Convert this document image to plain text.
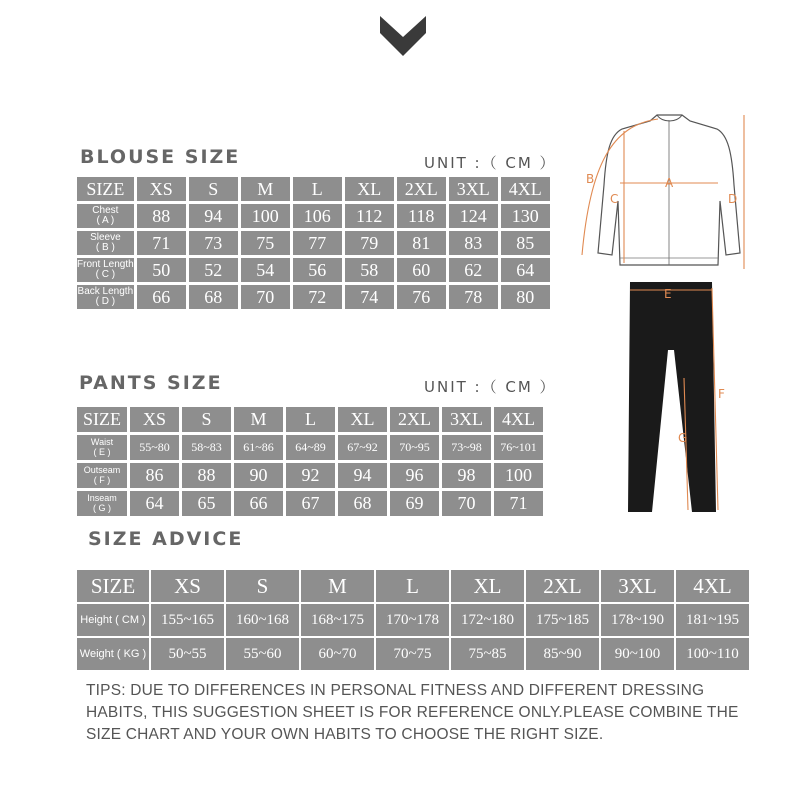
BLOUSE SIZE	UNIT :（ CM ）
SIZE	XS	S	M	L	XL	2XL	3XL	4XL

Chest
( A )	88	94	100	106	112	118	124	130

Sleeve
( B )	71	73	75	77	79	81	83	85

Front Length
( C )	50	52	54	56	58	60	62	64

Back Length
( D )	66	68	70	72	74	76	78	80
PANTS SIZE	UNIT :（ CM ）
SIZE	XS	S	M	L	XL	2XL	3XL	4XL

Waist
( E )	55~80	58~83	61~86	64~89	67~92	70~95	73~98	76~101

Outseam
( F )	86	88	90	92	94	96	98	100

Inseam
( G )	64	65	66	67	68	69	70	71
SIZE ADVICE
SIZE	XS	S	M	L	XL	2XL	3XL	4XL
Height ( CM )	155~165	160~168	168~175	170~178	172~180	175~185	178~190	181~195
Weight ( KG )	50~55	55~60	60~70	70~75	75~85	85~90	90~100	100~110

TIPS: DUE TO DIFFERENCES IN PERSONAL FITNESS AND DIFFERENT DRESSING HABITS, THIS SUGGESTION SHEET IS FOR REFERENCE ONLY.PLEASE COMBINE THE SIZE CHART AND YOUR OWN HABITS TO CHOOSE THE RIGHT SIZE.

A
B
C	D
E
F
G
